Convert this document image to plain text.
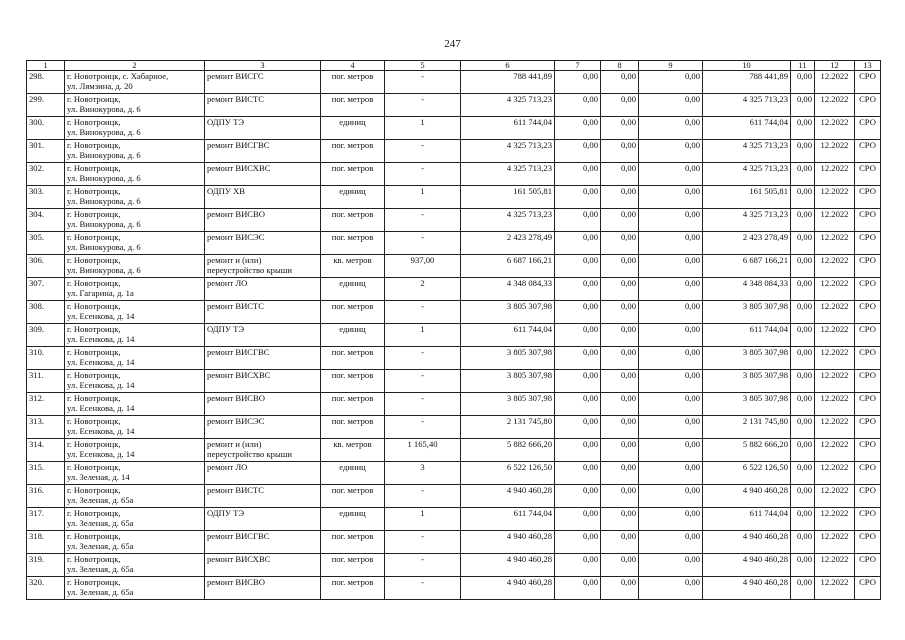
247
1	2	3	4	5	6	7	8	9	10	11	12	13
298.	г. Новотроицк, с. Хабарное,
ул. Лямзина, д. 20	ремонт ВИСГС	пог. метров	-	788 441,89	0,00	0,00	0,00	788 441,89	0,00	12.2022	СРО
299.	г. Новотроицк,
ул. Винокурова, д. 6	ремонт ВИСТС	пог. метров	-	4 325 713,23	0,00	0,00	0,00	4 325 713,23	0,00	12.2022	СРО
300.	г. Новотроицк,
ул. Винокурова, д. 6	ОДПУ ТЭ	единиц	1	611 744,04	0,00	0,00	0,00	611 744,04	0,00	12.2022	СРО
301.	г. Новотроицк,
ул. Винокурова, д. 6	ремонт ВИСГВС	пог. метров	-	4 325 713,23	0,00	0,00	0,00	4 325 713,23	0,00	12.2022	СРО
302.	г. Новотроицк,
ул. Винокурова, д. 6	ремонт ВИСХВС	пог. метров	-	4 325 713,23	0,00	0,00	0,00	4 325 713,23	0,00	12.2022	СРО
303.	г. Новотроицк,
ул. Винокурова, д. 6	ОДПУ ХВ	единиц	1	161 505,81	0,00	0,00	0,00	161 505,81	0,00	12.2022	СРО
304.	г. Новотроицк,
ул. Винокурова, д. 6	ремонт ВИСВО	пог. метров	-	4 325 713,23	0,00	0,00	0,00	4 325 713,23	0,00	12.2022	СРО
305.	г. Новотроицк,
ул. Винокурова, д. 6	ремонт ВИСЭС	пог. метров	-	2 423 278,49	0,00	0,00	0,00	2 423 278,49	0,00	12.2022	СРО
306.	г. Новотроицк,
ул. Винокурова, д. 6	ремонт и (или)
переустройство крыши	кв. метров	937,00	6 687 166,21	0,00	0,00	0,00	6 687 166,21	0,00	12.2022	СРО
307.	г. Новотроицк,
ул. Гагарина, д. 1а	ремонт ЛО	единиц	2	4 348 084,33	0,00	0,00	0,00	4 348 084,33	0,00	12.2022	СРО
308.	г. Новотроицк,
ул. Есенкова, д. 14	ремонт ВИСТС	пог. метров	-	3 805 307,98	0,00	0,00	0,00	3 805 307,98	0,00	12.2022	СРО
309.	г. Новотроицк,
ул. Есенкова, д. 14	ОДПУ ТЭ	единиц	1	611 744,04	0,00	0,00	0,00	611 744,04	0,00	12.2022	СРО
310.	г. Новотроицк,
ул. Есенкова, д. 14	ремонт ВИСГВС	пог. метров	-	3 805 307,98	0,00	0,00	0,00	3 805 307,98	0,00	12.2022	СРО
311.	г. Новотроицк,
ул. Есенкова, д. 14	ремонт ВИСХВС	пог. метров	-	3 805 307,98	0,00	0,00	0,00	3 805 307,98	0,00	12.2022	СРО
312.	г. Новотроицк,
ул. Есенкова, д. 14	ремонт ВИСВО	пог. метров	-	3 805 307,98	0,00	0,00	0,00	3 805 307,98	0,00	12.2022	СРО
313.	г. Новотроицк,
ул. Есенкова, д. 14	ремонт ВИСЭС	пог. метров	-	2 131 745,80	0,00	0,00	0,00	2 131 745,80	0,00	12.2022	СРО
314.	г. Новотроицк,
ул. Есенкова, д. 14	ремонт и (или)
переустройство крыши	кв. метров	1 165,40	5 882 666,20	0,00	0,00	0,00	5 882 666,20	0,00	12.2022	СРО
315.	г. Новотроицк,
ул. Зеленая, д. 14	ремонт ЛО	единиц	3	6 522 126,50	0,00	0,00	0,00	6 522 126,50	0,00	12.2022	СРО
316.	г. Новотроицк,
ул. Зеленая, д. 65а	ремонт ВИСТС	пог. метров	-	4 940 460,28	0,00	0,00	0,00	4 940 460,28	0,00	12.2022	СРО
317.	г. Новотроицк,
ул. Зеленая, д. 65а	ОДПУ ТЭ	единиц	1	611 744,04	0,00	0,00	0,00	611 744,04	0,00	12.2022	СРО
318.	г. Новотроицк,
ул. Зеленая, д. 65а	ремонт ВИСГВС	пог. метров	-	4 940 460,28	0,00	0,00	0,00	4 940 460,28	0,00	12.2022	СРО
319.	г. Новотроицк,
ул. Зеленая, д. 65а	ремонт ВИСХВС	пог. метров	-	4 940 460,28	0,00	0,00	0,00	4 940 460,28	0,00	12.2022	СРО
320.	г. Новотроицк,
ул. Зеленая, д. 65а	ремонт ВИСВО	пог. метров	-	4 940 460,28	0,00	0,00	0,00	4 940 460,28	0,00	12.2022	СРО
